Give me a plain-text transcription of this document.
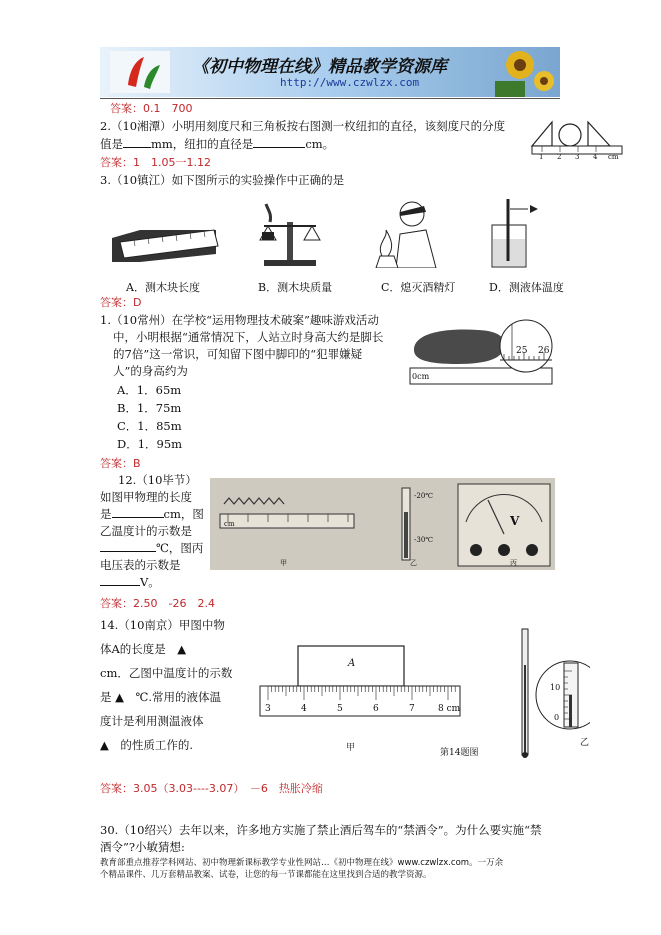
《初中物理在线》精品教学资源库
http://www.czwlzx.com
答案：0.1　700
2.（10湘潭）小明用刻度尺和三角板按右图测一枚纽扣的直径，该刻度尺的分度
值是 mm，纽扣的直径是	cm。
答案：1　1.05一1.12	1 2 3 4 cm
3.（10镇江）如下图所示的实验操作中正确的是
A．测木块长度	B．测木块质量	C．熄灭酒精灯	D．测液体温度
答案：D
1.（10常州）在学校“运用物理技术破案”趣味游戏活动
中，小明根据“通常情况下，人站立时身高大约是脚长
的7倍”这一常识，可知留下图中脚印的“犯罪嫌疑
人”的身高约为
A．1．65m
B．1．75m
C．1．85m
D．1．95m
答案：B
0cm
25 26
12.（10毕节）
如图甲物理的长度
是	cm，图
乙温度计的示数是
℃，图丙
电压表的示数是
V。
答案：2.50　-26　2.4
cm
甲	乙	丙
-20℃
-30℃
V
14.（10南京）甲图中物
体A的长度是　▲
cm．乙图中温度计的示数
是 ▲　℃.常用的液体温
度计是利用测温液体
▲　的性质工作的.
答案：3.05（3.03----3.07）　－6　热胀冷缩
A
3	4	5	6	7	8 cm
甲	第14题图
10
0
乙
30.（10绍兴）去年以来，许多地方实施了禁止酒后驾车的“禁酒令”。为什么要实施“禁
酒令”?小敏猜想:
教育部重点推荐学科网站、初中物理新课标教学专业性网站…《初中物理在线》www.czwlzx.com。一万余
个精品课件、几万套精品教案、试卷，让您的每一节课都能在这里找到合适的教学资源。
